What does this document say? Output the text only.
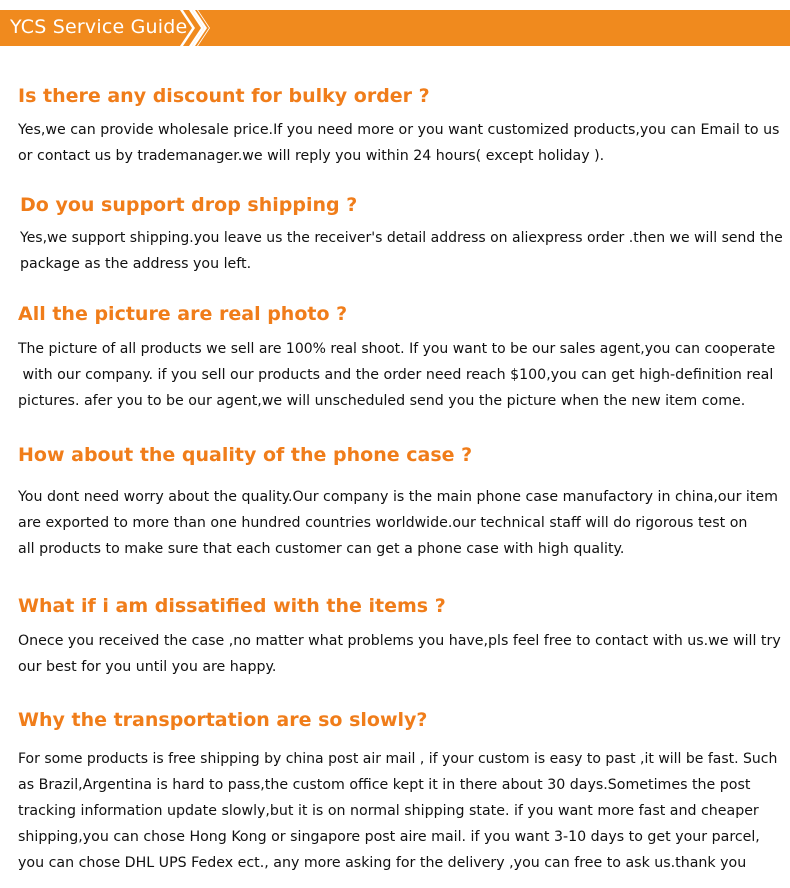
YCS Service Guide
Is there any discount for bulky order ?
Yes,we can provide wholesale price.If you need more or you want customized products,you can Email to us
or contact us by trademanager.we will reply you within 24 hours( except holiday ).
Do you support drop shipping ?
Yes,we support shipping.you leave us the receiver's detail address on aliexpress order .then we will send the
package as the address you left.
All the picture are real photo ?
The picture of all products we sell are 100% real shoot. If you want to be our sales agent,you can cooperate
with our company. if you sell our products and the order need reach $100,you can get high-definition real
pictures. afer you to be our agent,we will unscheduled send you the picture when the new item come.
How about the quality of the phone case ?
You dont need worry about the quality.Our company is the main phone case manufactory in china,our item
are exported to more than one hundred countries worldwide.our technical staff will do rigorous test on
all products to make sure that each customer can get a phone case with high quality.
What if i am dissatified with the items ?
Onece you received the case ,no matter what problems you have,pls feel free to contact with us.we will try
our best for you until you are happy.
Why the transportation are so slowly?
For some products is free shipping by china post air mail , if your custom is easy to past ,it will be fast. Such
as Brazil,Argentina is hard to pass,the custom office kept it in there about 30 days.Sometimes the post
tracking information update slowly,but it is on normal shipping state. if you want more fast and cheaper
shipping,you can chose Hong Kong or singapore post aire mail. if you want 3-10 days to get your parcel,
you can chose DHL UPS Fedex ect., any more asking for the delivery ,you can free to ask us.thank you
